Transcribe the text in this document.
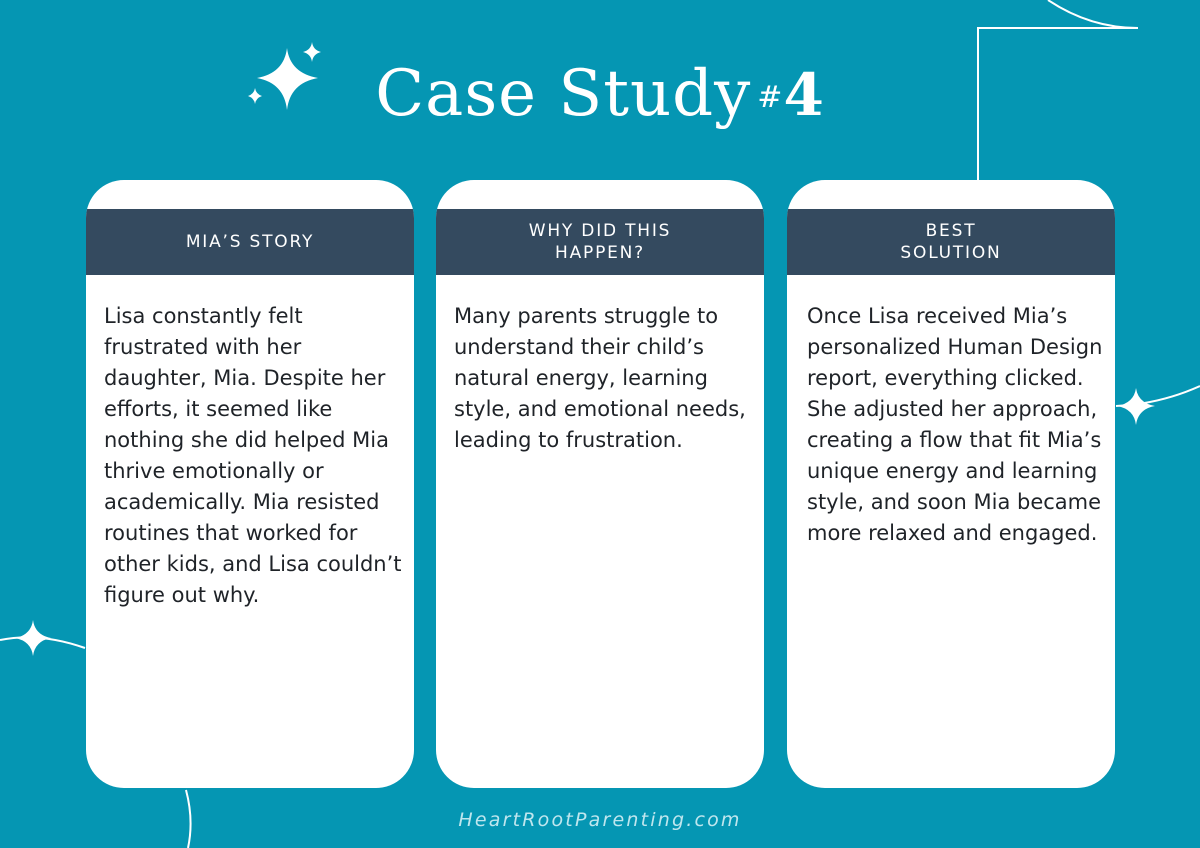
Case Study #4
MIA’S STORY
Lisa constantly felt frustrated with her daughter, Mia. Despite her efforts, it seemed like nothing she did helped Mia thrive emotionally or academically. Mia resisted routines that worked for other kids, and Lisa couldn’t figure out why.
WHY DID THIS
HAPPEN?
Many parents struggle to understand their child’s natural energy, learning style, and emotional needs, leading to frustration.
BEST
SOLUTION
Once Lisa received Mia’s personalized Human Design report, everything clicked. She adjusted her approach, creating a flow that fit Mia’s unique energy and learning style, and soon Mia became more relaxed and engaged.
HeartRootParenting.com
